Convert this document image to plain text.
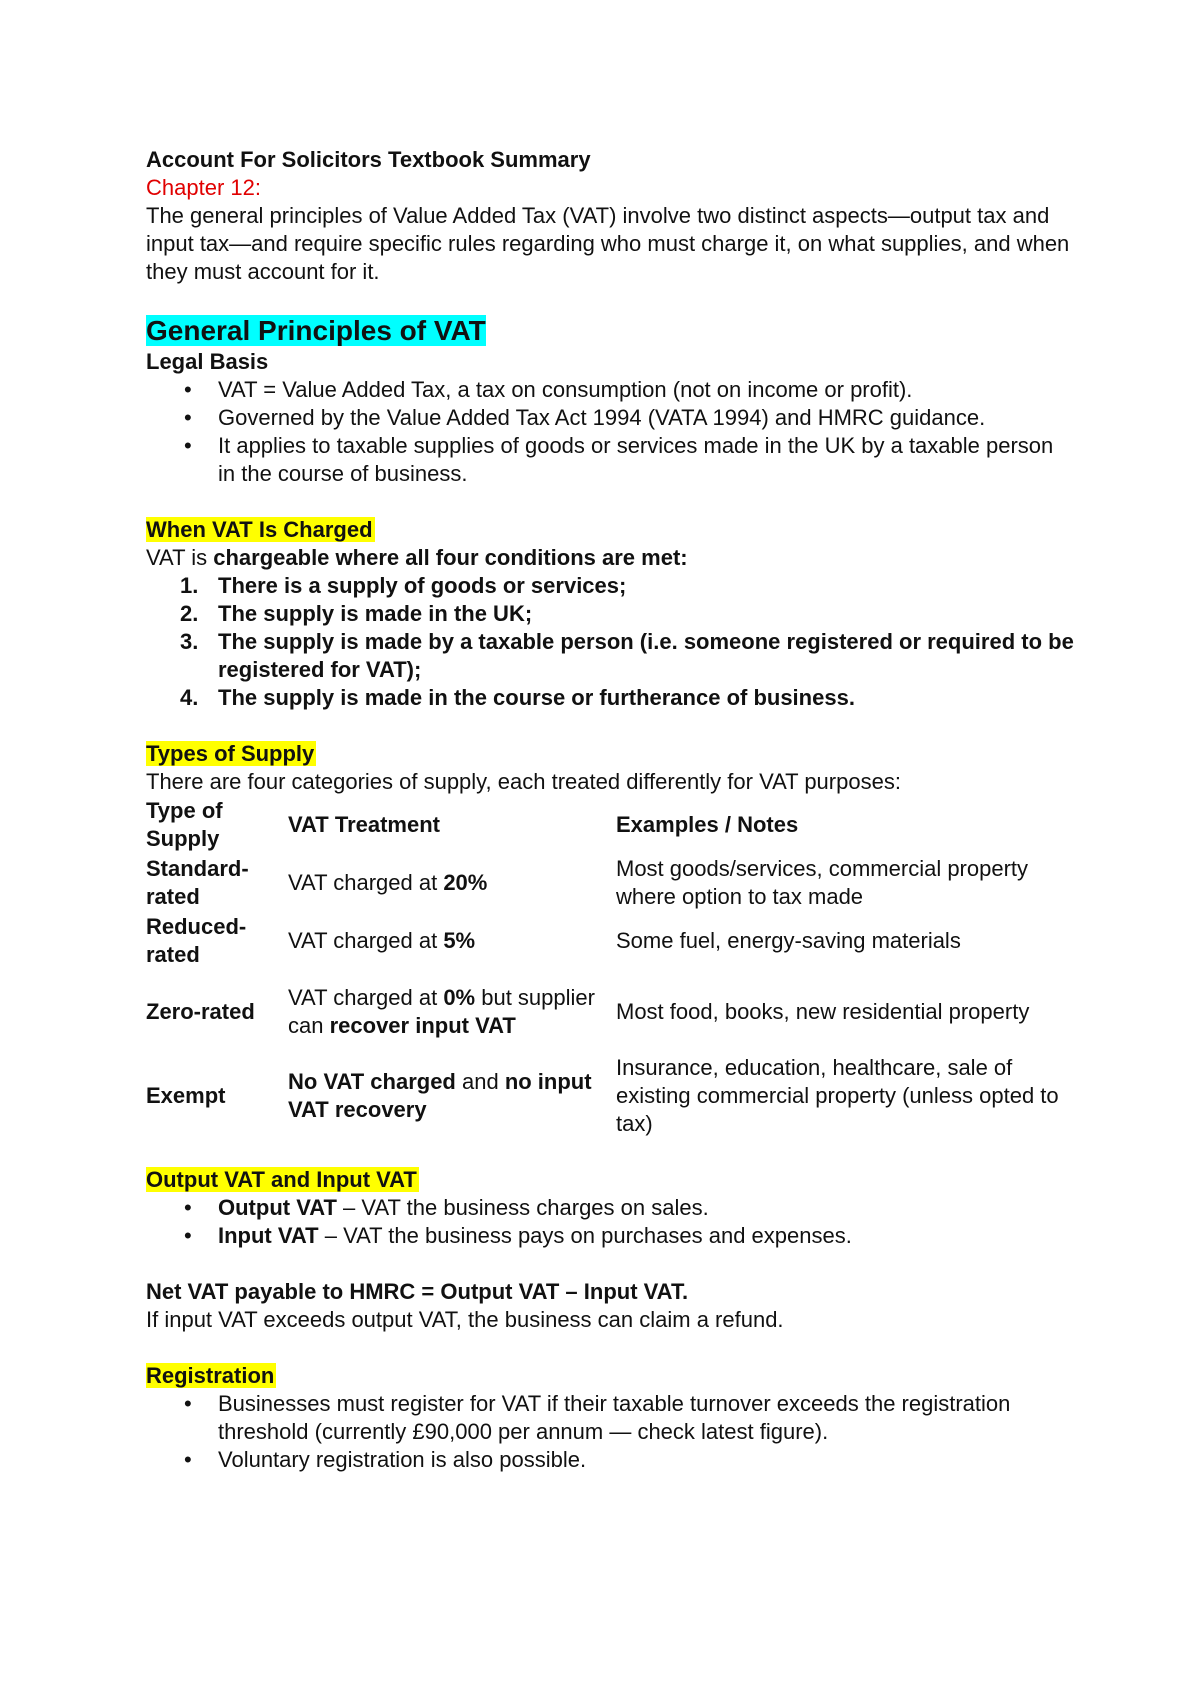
Account For Solicitors Textbook Summary

Chapter 12:

The general principles of Value Added Tax (VAT) involve two distinct aspects—output tax and input tax—and require specific rules regarding who must charge it, on what supplies, and when they must account for it.

General Principles of VAT

Legal Basis

• VAT = Value Added Tax, a tax on consumption (not on income or profit).
• Governed by the Value Added Tax Act 1994 (VATA 1994) and HMRC guidance.
• It applies to taxable supplies of goods or services made in the UK by a taxable person in the course of business.
When VAT Is Charged

VAT is chargeable where all four conditions are met:

1. There is a supply of goods or services;
2. The supply is made in the UK;
3. The supply is made by a taxable person (i.e. someone registered or required to be registered for VAT);
4. The supply is made in the course or furtherance of business.
Types of Supply

There are four categories of supply, each treated differently for VAT purposes:

Type of Supply	VAT Treatment	Examples / Notes
Standard-rated	VAT charged at 20%	Most goods/services, commercial property where option to tax made
Reduced-rated	VAT charged at 5%	Some fuel, energy-saving materials
Zero-rated	VAT charged at 0% but supplier can recover input VAT	Most food, books, new residential property
Exempt	No VAT charged and no input VAT recovery	Insurance, education, healthcare, sale of existing commercial property (unless opted to tax)
Output VAT and Input VAT
• Output VAT – VAT the business charges on sales.
• Input VAT – VAT the business pays on purchases and expenses.

Net VAT payable to HMRC = Output VAT – Input VAT.

If input VAT exceeds output VAT, the business can claim a refund.

Registration
• Businesses must register for VAT if their taxable turnover exceeds the registration threshold (currently £90,000 per annum — check latest figure).
• Voluntary registration is also possible.
